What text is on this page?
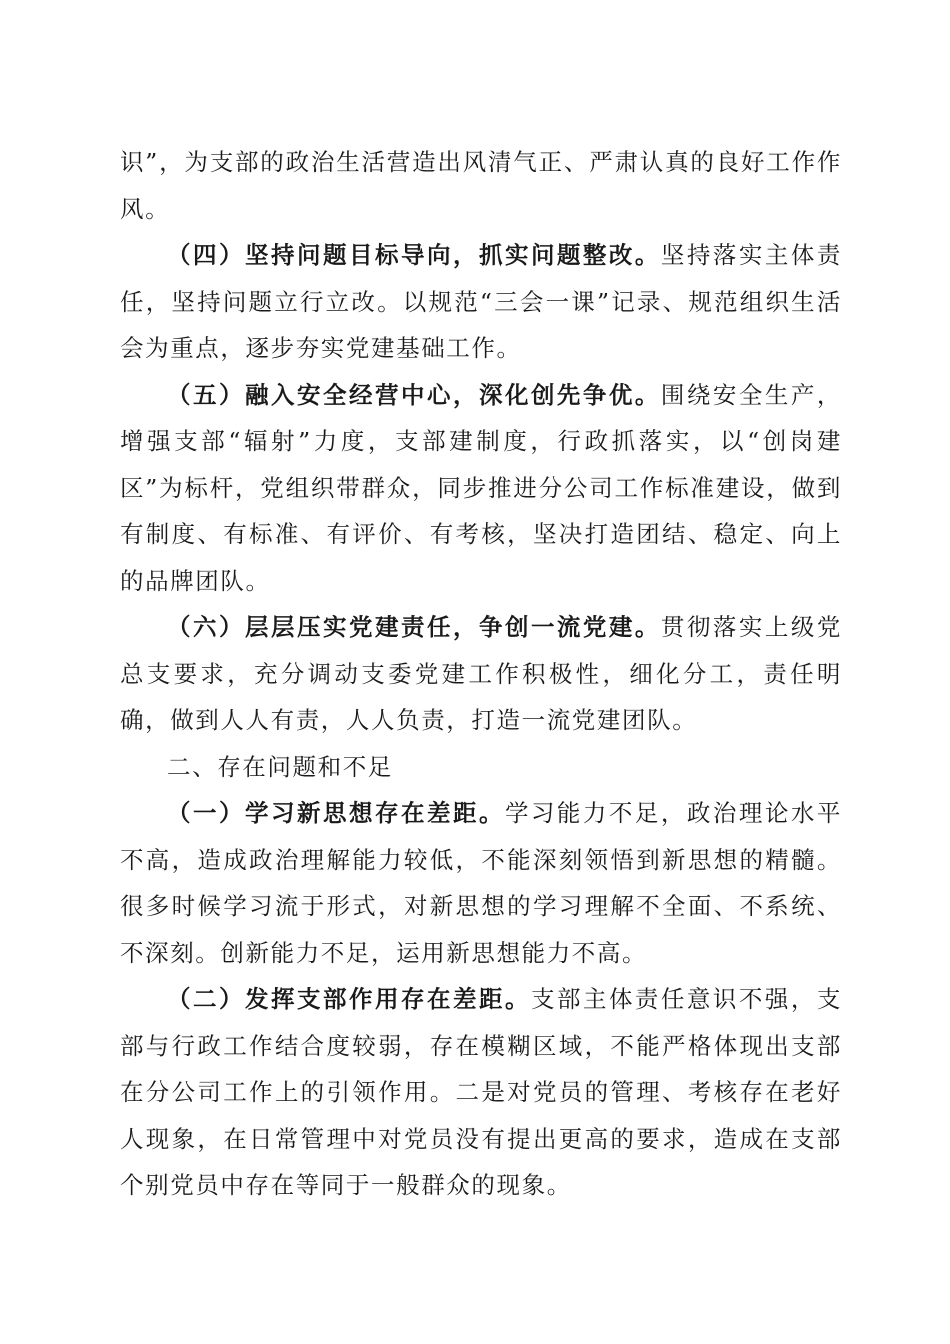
识”，为支部的政治生活营造出风清气正、严肃认真的良好工作作风。

（四）坚持问题目标导向，抓实问题整改。坚持落实主体责任，坚持问题立行立改。以规范“三会一课”记录、规范组织生活会为重点，逐步夯实党建基础工作。

（五）融入安全经营中心，深化创先争优。围绕安全生产，增强支部“辐射”力度，支部建制度，行政抓落实，以“创岗建区”为标杆，党组织带群众，同步推进分公司工作标准建设，做到有制度、有标准、有评价、有考核，坚决打造团结、稳定、向上的品牌团队。

（六）层层压实党建责任，争创一流党建。贯彻落实上级党总支要求，充分调动支委党建工作积极性，细化分工，责任明确，做到人人有责，人人负责，打造一流党建团队。

二、存在问题和不足

（一）学习新思想存在差距。学习能力不足，政治理论水平不高，造成政治理解能力较低，不能深刻领悟到新思想的精髓。很多时候学习流于形式，对新思想的学习理解不全面、不系统、不深刻。创新能力不足，运用新思想能力不高。

（二）发挥支部作用存在差距。支部主体责任意识不强，支部与行政工作结合度较弱，存在模糊区域，不能严格体现出支部在分公司工作上的引领作用。二是对党员的管理、考核存在老好人现象，在日常管理中对党员没有提出更高的要求，造成在支部个别党员中存在等同于一般群众的现象。
